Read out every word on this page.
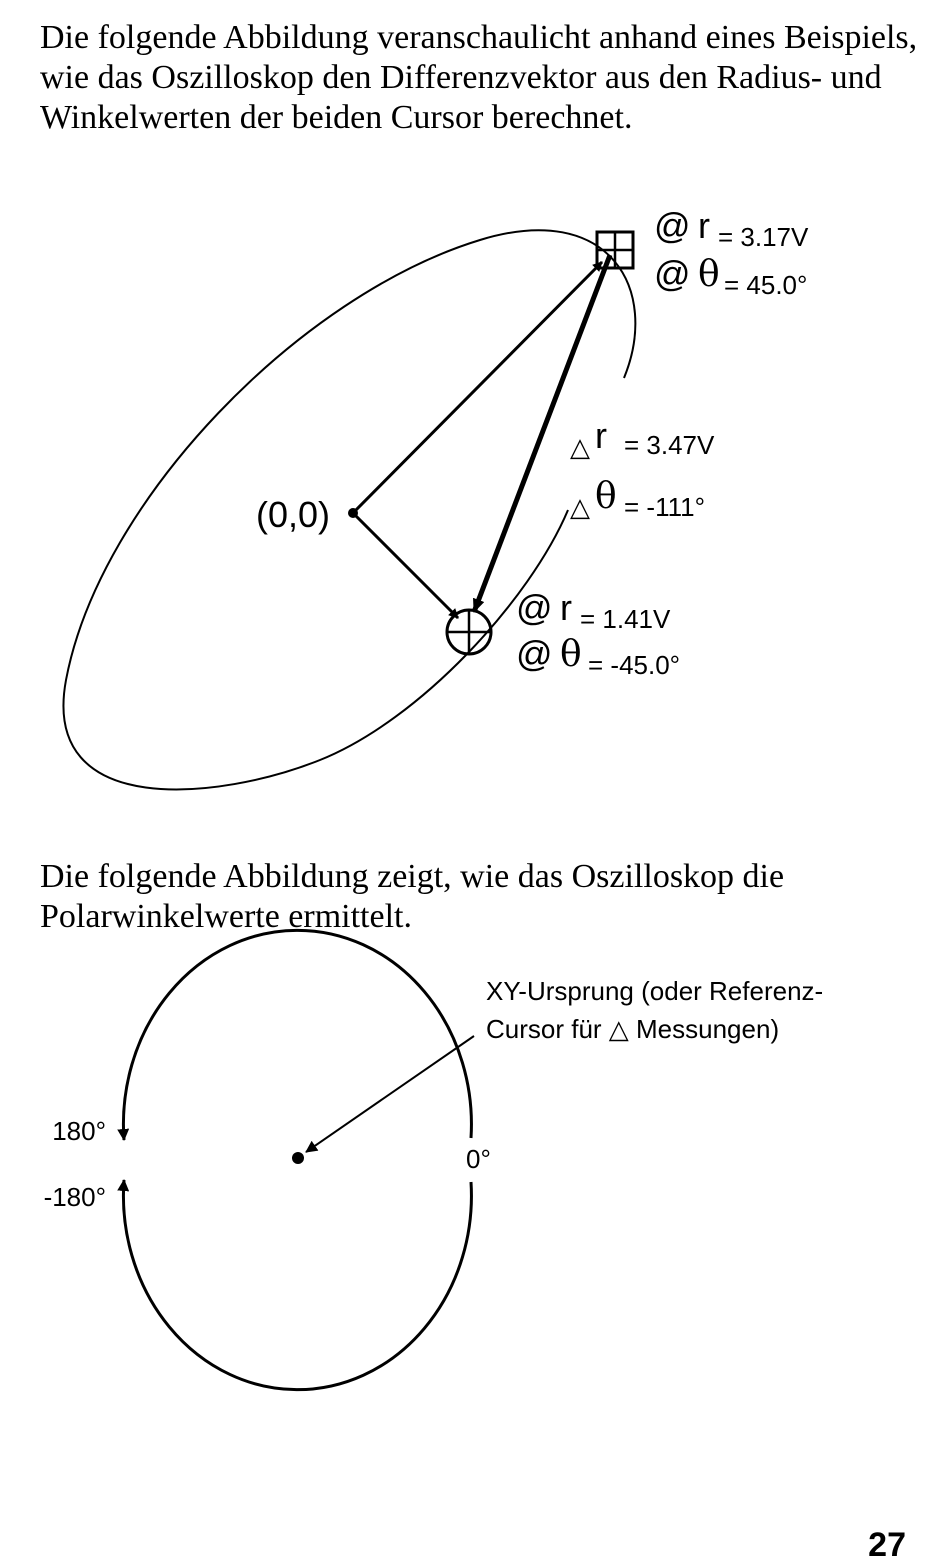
Die folgende Abbildung veranschaulicht anhand eines Beispiels, wie das Oszilloskop den Differenzvektor aus den Radius- und Winkelwerten der beiden Cursor berechnet.

(0,0)
@ r = 3.17V
@ θ = 45.0°
△ r = 3.47V
△ θ = -111°
@ r = 1.41V
@ θ = -45.0°

Die folgende Abbildung zeigt, wie das Oszilloskop die Polarwinkelwerte ermittelt.

XY-Ursprung (oder Referenz-
Cursor für △ Messungen)
0°
180°
-180°
27
